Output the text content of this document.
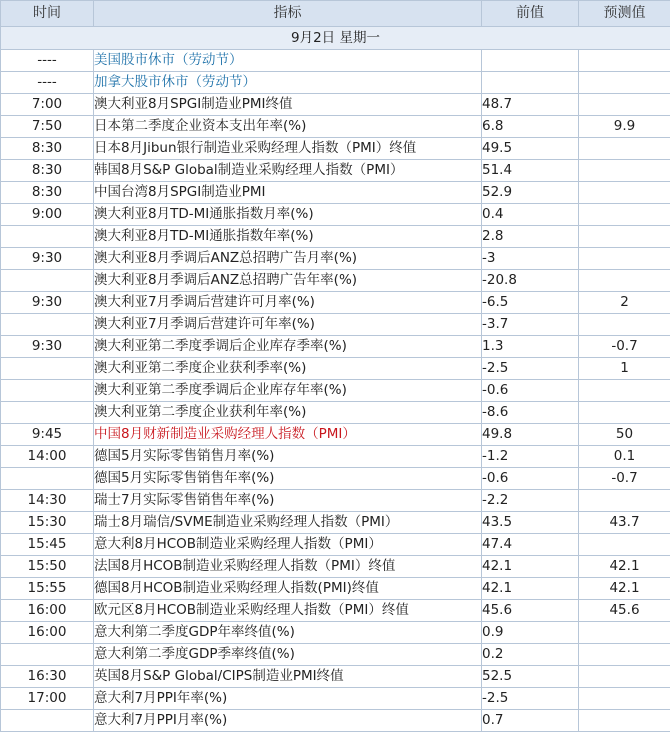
时间	指标	前值	预测值
9月2日 星期一			
----	美国股市休市（劳动节）		
----	加拿大股市休市（劳动节）		
7:00	澳大利亚8月SPGI制造业PMI终值	48.7	
7:50	日本第二季度企业资本支出年率(%)	6.8	9.9
8:30	日本8月Jibun银行制造业采购经理人指数（PMI）终值	49.5	
8:30	韩国8月S&P Global制造业采购经理人指数（PMI）	51.4	
8:30	中国台湾8月SPGI制造业PMI	52.9	
9:00	澳大利亚8月TD-MI通胀指数月率(%)	0.4	
	澳大利亚8月TD-MI通胀指数年率(%)	2.8	
9:30	澳大利亚8月季调后ANZ总招聘广告月率(%)	-3	
	澳大利亚8月季调后ANZ总招聘广告年率(%)	-20.8	
9:30	澳大利亚7月季调后营建许可月率(%)	-6.5	2
	澳大利亚7月季调后营建许可年率(%)	-3.7	
9:30	澳大利亚第二季度季调后企业库存季率(%)	1.3	-0.7
	澳大利亚第二季度企业获利季率(%)	-2.5	1
	澳大利亚第二季度季调后企业库存年率(%)	-0.6	
	澳大利亚第二季度企业获利年率(%)	-8.6	
9:45	中国8月财新制造业采购经理人指数（PMI）	49.8	50
14:00	德国5月实际零售销售月率(%)	-1.2	0.1
	德国5月实际零售销售年率(%)	-0.6	-0.7
14:30	瑞士7月实际零售销售年率(%)	-2.2	
15:30	瑞士8月瑞信/SVME制造业采购经理人指数（PMI）	43.5	43.7
15:45	意大利8月HCOB制造业采购经理人指数（PMI）	47.4	
15:50	法国8月HCOB制造业采购经理人指数（PMI）终值	42.1	42.1
15:55	德国8月HCOB制造业采购经理人指数(PMI)终值	42.1	42.1
16:00	欧元区8月HCOB制造业采购经理人指数（PMI）终值	45.6	45.6
16:00	意大利第二季度GDP年率终值(%)	0.9	
	意大利第二季度GDP季率终值(%)	0.2	
16:30	英国8月S&P Global/CIPS制造业PMI终值	52.5	
17:00	意大利7月PPI年率(%)	-2.5	
	意大利7月PPI月率(%)	0.7	
